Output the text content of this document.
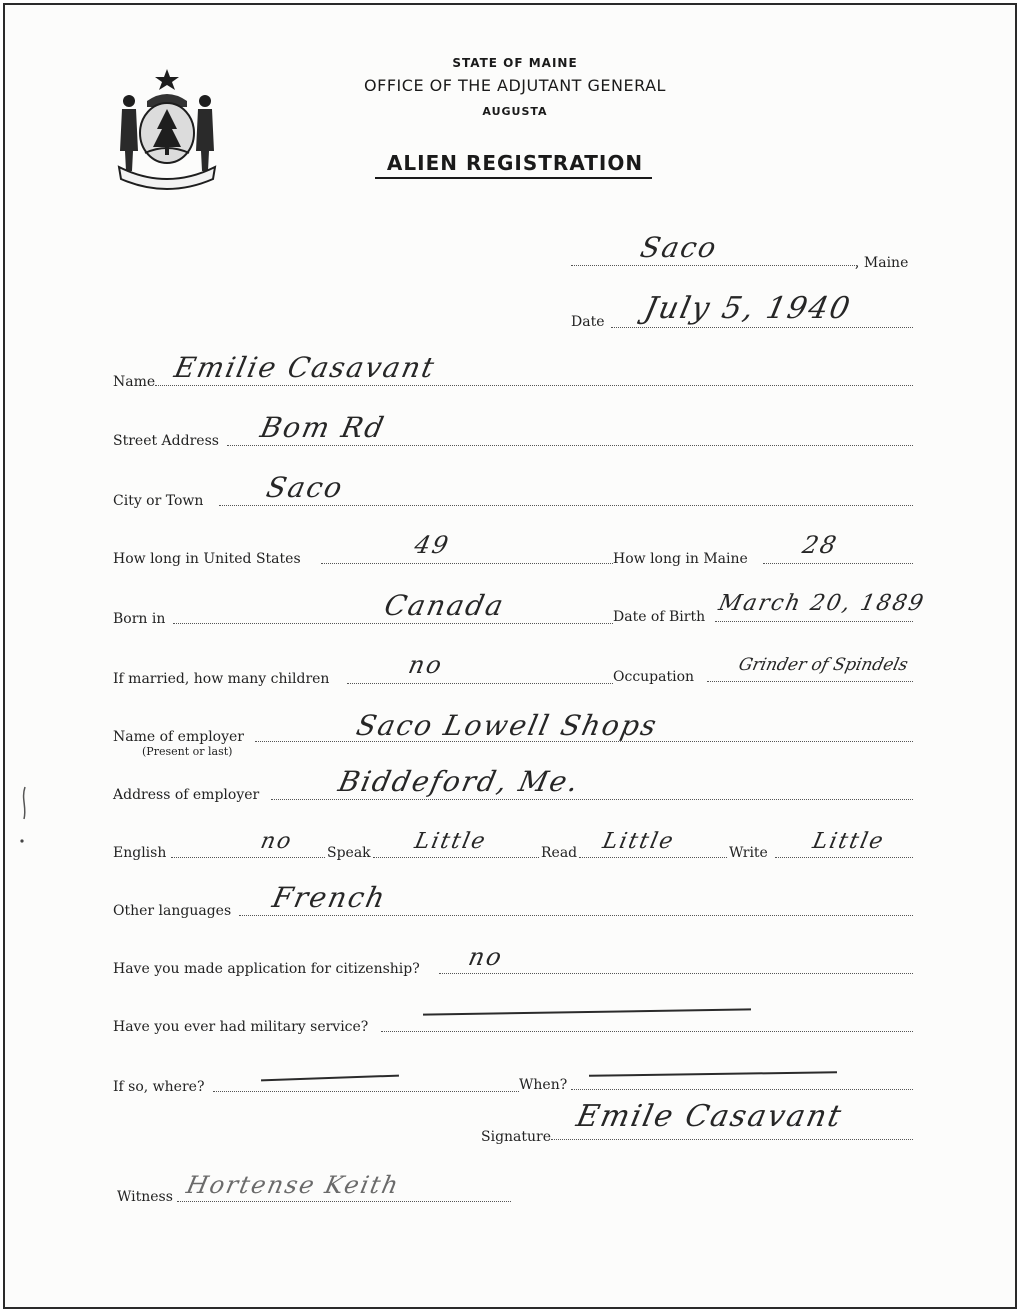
STATE OF MAINE
OFFICE OF THE ADJUTANT GENERAL
AUGUSTA
ALIEN REGISTRATION
Saco	, Maine
Date July 5, 1940
Name Emilie Casavant
Street Address Bom Rd
City or Town Saco
How long in United States	49	How long in Maine 28
Born in	Canada	Date of Birth
March 20, 1889
If married, how many children	no	Occupation
Grinder of Spindels
Name of employer
(Present or last)
Saco Lowell Shops
Address of employer	Biddeford, Me.
English	no Speak Little	Read Little	Write Little
Other languages French
Have you made application for citizenship? no
Have you ever had military service?
If so, where?	When?
Signature
Emile Casavant
Witness Hortense Keith
